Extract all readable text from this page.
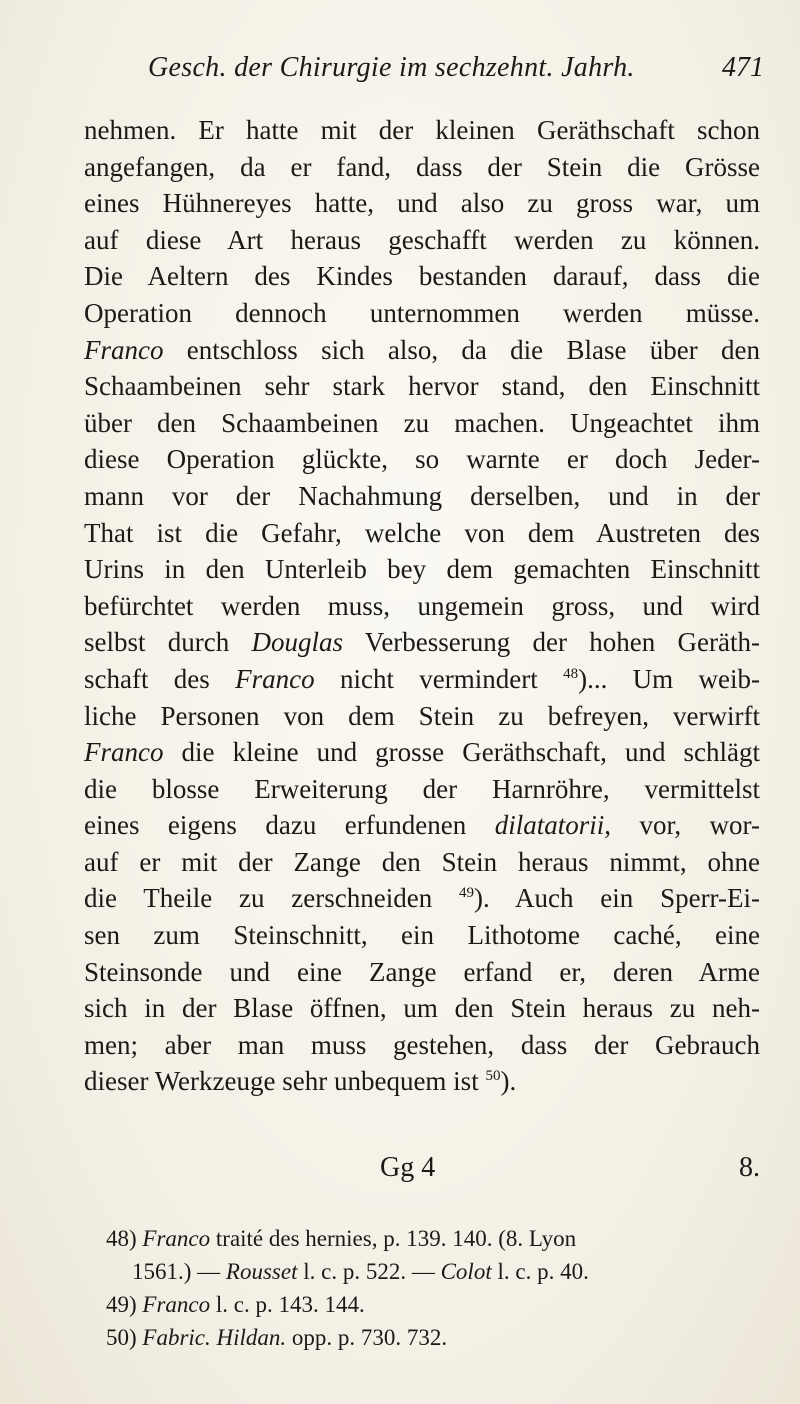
Gesch. der Chirurgie im sechzehnt. Jahrh.	471
nehmen. Er hatte mit der kleinen Geräthschaft schon
angefangen, da er fand, dass der Stein die Grösse
eines Hühnereyes hatte, und also zu gross war, um
auf diese Art heraus geschafft werden zu können.
Die Aeltern des Kindes bestanden darauf, dass die
Operation dennoch unternommen werden müsse.
Franco entschloss sich also, da die Blase über den
Schaambeinen sehr stark hervor stand, den Einschnitt
über den Schaambeinen zu machen. Ungeachtet ihm
diese Operation glückte, so warnte er doch Jeder-
mann vor der Nachahmung derselben, und in der
That ist die Gefahr, welche von dem Austreten des
Urins in den Unterleib bey dem gemachten Einschnitt
befürchtet werden muss, ungemein gross, und wird
selbst durch Douglas Verbesserung der hohen Geräth-
schaft des Franco nicht vermindert $^{48}$)... Um weib-
liche Personen von dem Stein zu befreyen, verwirft
Franco die kleine und grosse Geräthschaft, und schlägt
die blosse Erweiterung der Harnröhre, vermittelst
eines eigens dazu erfundenen dilatatorii, vor, wor-
auf er mit der Zange den Stein heraus nimmt, ohne
die Theile zu zerschneiden $^{49}$). Auch ein Sperr-Ei-
sen zum Steinschnitt, ein Lithotome caché, eine
Steinsonde und eine Zange erfand er, deren Arme
sich in der Blase öffnen, um den Stein heraus zu neh-
men; aber man muss gestehen, dass der Gebrauch
dieser Werkzeuge sehr unbequem ist $^{50}$).
Gg 4	8.
48) Franco traité des hernies, p. 139. 140. (8. Lyon
1561.) — Rousset l. c. p. 522. — Colot l. c. p. 40.
49) Franco l. c. p. 143. 144.
50) Fabric. Hildan. opp. p. 730. 732.
